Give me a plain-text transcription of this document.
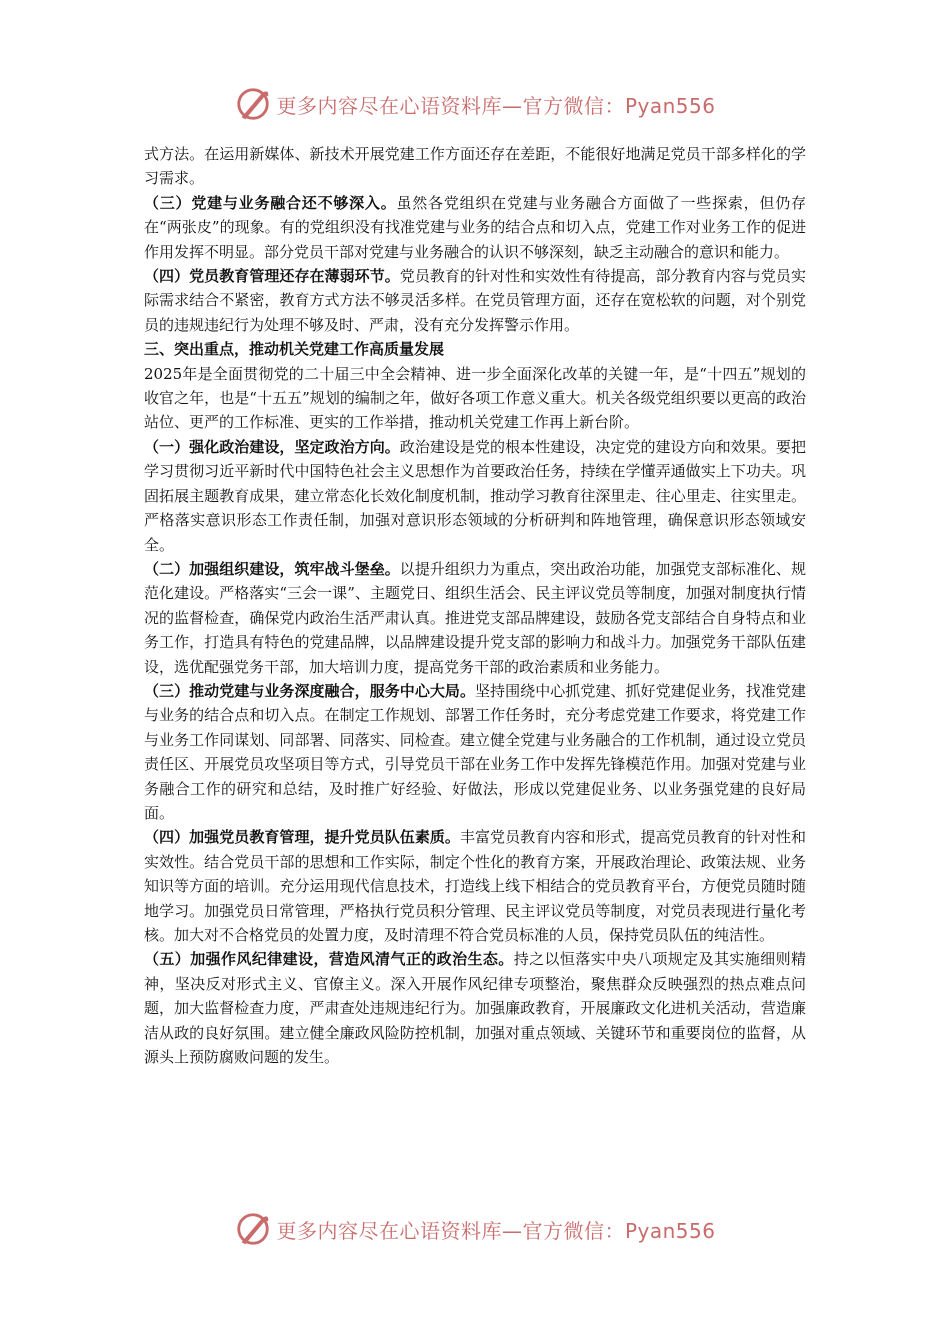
更多内容尽在心语资料库—官方微信：Pyan556

式方法。在运用新媒体、新技术开展党建工作方面还存在差距，不能很好地满足党员干部多样化的学习需求。

（三）党建与业务融合还不够深入。虽然各党组织在党建与业务融合方面做了一些探索，但仍存在“两张皮”的现象。有的党组织没有找准党建与业务的结合点和切入点，党建工作对业务工作的促进作用发挥不明显。部分党员干部对党建与业务融合的认识不够深刻，缺乏主动融合的意识和能力。

（四）党员教育管理还存在薄弱环节。党员教育的针对性和实效性有待提高，部分教育内容与党员实际需求结合不紧密，教育方式方法不够灵活多样。在党员管理方面，还存在宽松软的问题，对个别党员的违规违纪行为处理不够及时、严肃，没有充分发挥警示作用。

三、突出重点，推动机关党建工作高质量发展

2025年是全面贯彻党的二十届三中全会精神、进一步全面深化改革的关键一年，是“十四五”规划的收官之年，也是“十五五”规划的编制之年，做好各项工作意义重大。机关各级党组织要以更高的政治站位、更严的工作标准、更实的工作举措，推动机关党建工作再上新台阶。

（一）强化政治建设，坚定政治方向。政治建设是党的根本性建设，决定党的建设方向和效果。要把学习贯彻习近平新时代中国特色社会主义思想作为首要政治任务，持续在学懂弄通做实上下功夫。巩固拓展主题教育成果，建立常态化长效化制度机制，推动学习教育往深里走、往心里走、往实里走。严格落实意识形态工作责任制，加强对意识形态领域的分析研判和阵地管理，确保意识形态领域安全。

（二）加强组织建设，筑牢战斗堡垒。以提升组织力为重点，突出政治功能，加强党支部标准化、规范化建设。严格落实“三会一课”、主题党日、组织生活会、民主评议党员等制度，加强对制度执行情况的监督检查，确保党内政治生活严肃认真。推进党支部品牌建设，鼓励各党支部结合自身特点和业务工作，打造具有特色的党建品牌，以品牌建设提升党支部的影响力和战斗力。加强党务干部队伍建设，选优配强党务干部，加大培训力度，提高党务干部的政治素质和业务能力。

（三）推动党建与业务深度融合，服务中心大局。坚持围绕中心抓党建、抓好党建促业务，找准党建与业务的结合点和切入点。在制定工作规划、部署工作任务时，充分考虑党建工作要求，将党建工作与业务工作同谋划、同部署、同落实、同检查。建立健全党建与业务融合的工作机制，通过设立党员责任区、开展党员攻坚项目等方式，引导党员干部在业务工作中发挥先锋模范作用。加强对党建与业务融合工作的研究和总结，及时推广好经验、好做法，形成以党建促业务、以业务强党建的良好局面。

（四）加强党员教育管理，提升党员队伍素质。丰富党员教育内容和形式，提高党员教育的针对性和实效性。结合党员干部的思想和工作实际，制定个性化的教育方案，开展政治理论、政策法规、业务知识等方面的培训。充分运用现代信息技术，打造线上线下相结合的党员教育平台，方便党员随时随地学习。加强党员日常管理，严格执行党员积分管理、民主评议党员等制度，对党员表现进行量化考核。加大对不合格党员的处置力度，及时清理不符合党员标准的人员，保持党员队伍的纯洁性。

（五）加强作风纪律建设，营造风清气正的政治生态。持之以恒落实中央八项规定及其实施细则精神，坚决反对形式主义、官僚主义。深入开展作风纪律专项整治，聚焦群众反映强烈的热点难点问题，加大监督检查力度，严肃查处违规违纪行为。加强廉政教育，开展廉政文化进机关活动，营造廉洁从政的良好氛围。建立健全廉政风险防控机制，加强对重点领域、关键环节和重要岗位的监督，从源头上预防腐败问题的发生。

更多内容尽在心语资料库—官方微信：Pyan556
